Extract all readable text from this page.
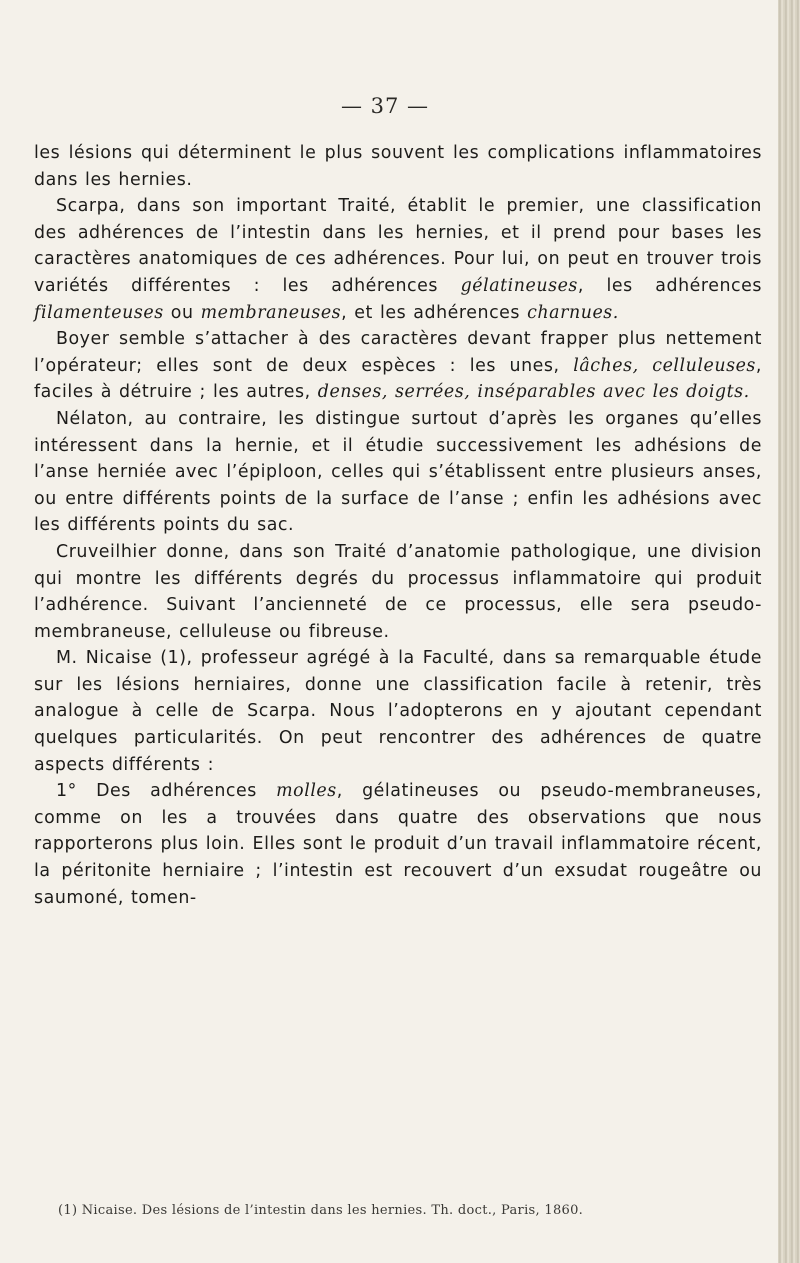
— 37 —

les lésions qui déterminent le plus souvent les complications inflammatoires dans les hernies.

Scarpa, dans son important Traité, établit le premier, une classification des adhérences de l’intestin dans les hernies, et il prend pour bases les caractères anatomiques de ces adhérences. Pour lui, on peut en trouver trois variétés différentes : les adhérences gélatineuses, les adhérences filamenteuses ou membraneuses, et les adhérences charnues.

Boyer semble s’attacher à des caractères devant frapper plus nettement l’opérateur; elles sont de deux espèces : les unes, lâches, celluleuses, faciles à détruire ; les autres, denses, serrées, inséparables avec les doigts.

Nélaton, au contraire, les distingue surtout d’après les organes qu’elles intéressent dans la hernie, et il étudie successivement les adhésions de l’anse herniée avec l’épiploon, celles qui s’établissent entre plusieurs anses, ou entre différents points de la surface de l’anse ; enfin les adhésions avec les différents points du sac.

Cruveilhier donne, dans son Traité d’anatomie pathologique, une division qui montre les différents degrés du processus inflammatoire qui produit l’adhérence. Suivant l’ancienneté de ce processus, elle sera pseudo-membraneuse, celluleuse ou fibreuse.

M. Nicaise (1), professeur agrégé à la Faculté, dans sa remarquable étude sur les lésions herniaires, donne une classification facile à retenir, très analogue à celle de Scarpa. Nous l’adopterons en y ajoutant cependant quelques particularités. On peut rencontrer des adhérences de quatre aspects différents :

1° Des adhérences molles, gélatineuses ou pseudo-membraneuses, comme on les a trouvées dans quatre des observations que nous rapporterons plus loin. Elles sont le produit d’un travail inflammatoire récent, la péritonite herniaire ; l’intestin est recouvert d’un exsudat rougeâtre ou saumoné, tomen-

(1) Nicaise. Des lésions de l’intestin dans les hernies. Th. doct., Paris, 1860.
